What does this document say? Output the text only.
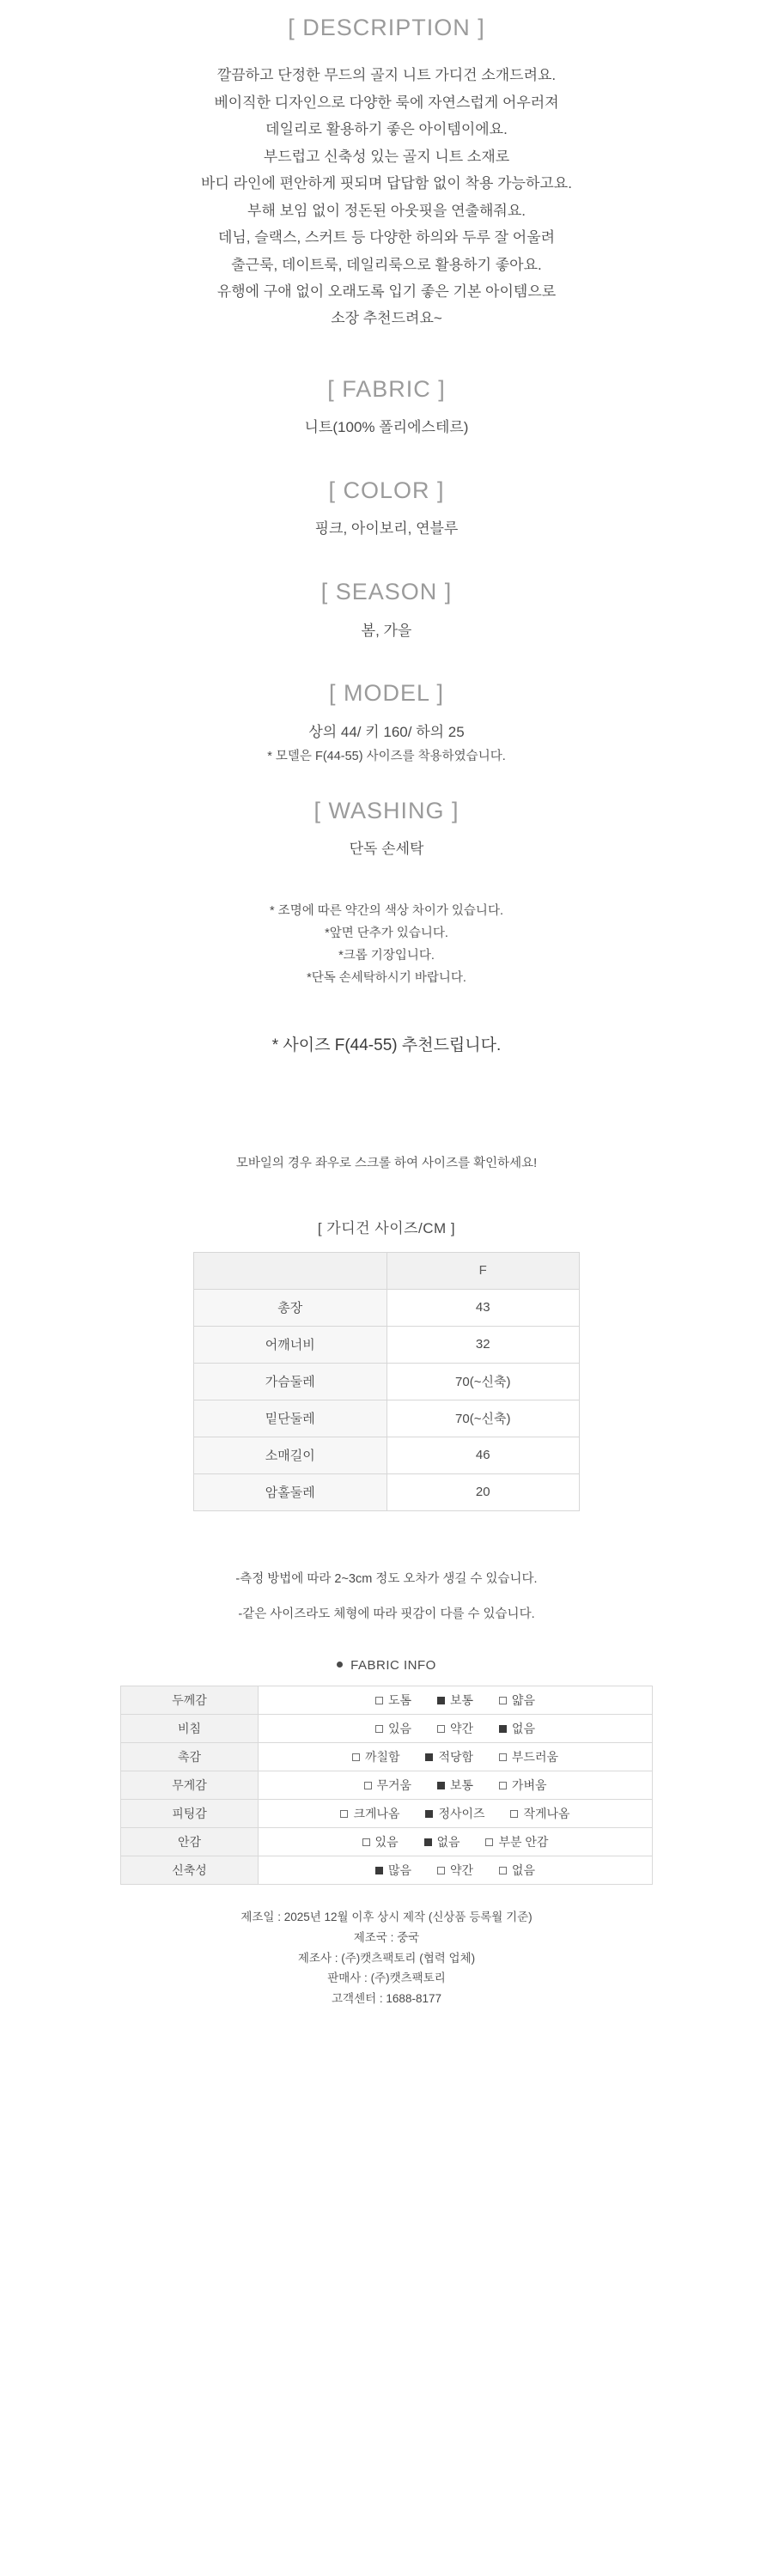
[ DESCRIPTION ]

깔끔하고 단정한 무드의 골지 니트 가디건 소개드려요.

베이직한 디자인으로 다양한 룩에 자연스럽게 어우러져

데일리로 활용하기 좋은 아이템이에요.

부드럽고 신축성 있는 골지 니트 소재로

바디 라인에 편안하게 핏되며 답답함 없이 착용 가능하고요.

부해 보임 없이 정돈된 아웃핏을 연출해줘요.

데님, 슬랙스, 스커트 등 다양한 하의와 두루 잘 어울려

출근룩, 데이트룩, 데일리룩으로 활용하기 좋아요.

유행에 구애 없이 오래도록 입기 좋은 기본 아이템으로

소장 추천드려요~

[ FABRIC ]

니트(100% 폴리에스테르)

[ COLOR ]

핑크, 아이보리, 연블루

[ SEASON ]

봄, 가을

[ MODEL ]

상의 44/ 키 160/ 하의 25

* 모델은 F(44-55) 사이즈를 착용하였습니다.

[ WASHING ]

단독 손세탁

* 조명에 따른 약간의 색상 차이가 있습니다.

*앞면 단추가 있습니다.

*크롭 기장입니다.

*단독 손세탁하시기 바랍니다.

* 사이즈 F(44-55) 추천드립니다.

모바일의 경우 좌우로 스크롤 하여 사이즈를 확인하세요!

[ 가디건 사이즈/CM ]

	F
총장	43
어깨너비	32
가슴둘레	70(~신축)
밑단둘레	70(~신축)
소매길이	46
암홀둘레	20

-측정 방법에 따라 2~3cm 정도 오차가 생길 수 있습니다.

-같은 사이즈라도 체형에 따라 핏감이 다를 수 있습니다.

FABRIC INFO

두께감	도톰 보통 얇음
비침	있음 약간 없음
촉감	까칠함 적당함 부드러움
무게감	무거움 보통 가벼움
피팅감	크게나옴 정사이즈 작게나옴
안감	있음 없음 부분 안감
신축성	많음 약간 없음
제조일 : 2025년 12월 이후 상시 제작 (신상품 등록월 기준)
제조국 : 중국
제조사 : (주)캣츠팩토리 (협력 업체)
판매사 : (주)캣츠팩토리
고객센터 : 1688-8177
